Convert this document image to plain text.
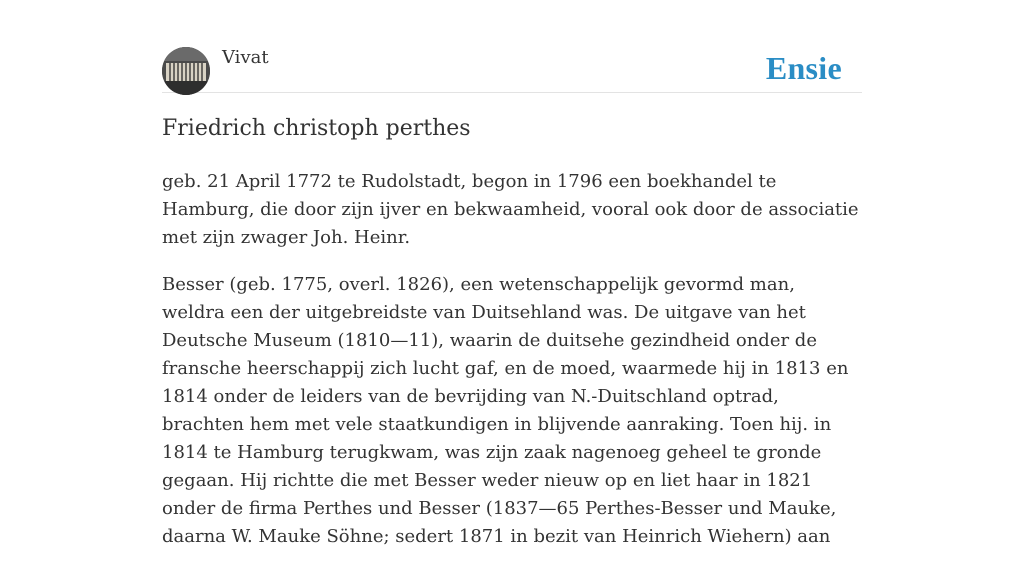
Vivat	Ensie
Friedrich christoph perthes

geb. 21 April 1772 te Rudolstadt, begon in 1796 een boekhandel te Hamburg, die door zijn ijver en bekwaamheid, vooral ook door de associatie met zijn zwager Joh. Heinr.

Besser (geb. 1775, overl. 1826), een wetenschappelijk gevormd man, weldra een der uitgebreidste van Duitsehland was. De uitgave van het Deutsche Museum (1810—11), waarin de duitsehe gezindheid onder de fransche heerschappij zich lucht gaf, en de moed, waarmede hij in 1813 en 1814 onder de leiders van de bevrijding van N.-Duitschland optrad, brachten hem met vele staatkundigen in blijvende aanraking. Toen hij. in 1814 te Hamburg terugkwam, was zijn zaak nagenoeg geheel te gronde gegaan. Hij richtte die met Besser weder nieuw op en liet haar in 1821 onder de firma Perthes und Besser (1837—65 Perthes-Besser und Mauke, daarna W. Mauke Söhne; sedert 1871 in bezit van Heinrich Wiehern) aan
